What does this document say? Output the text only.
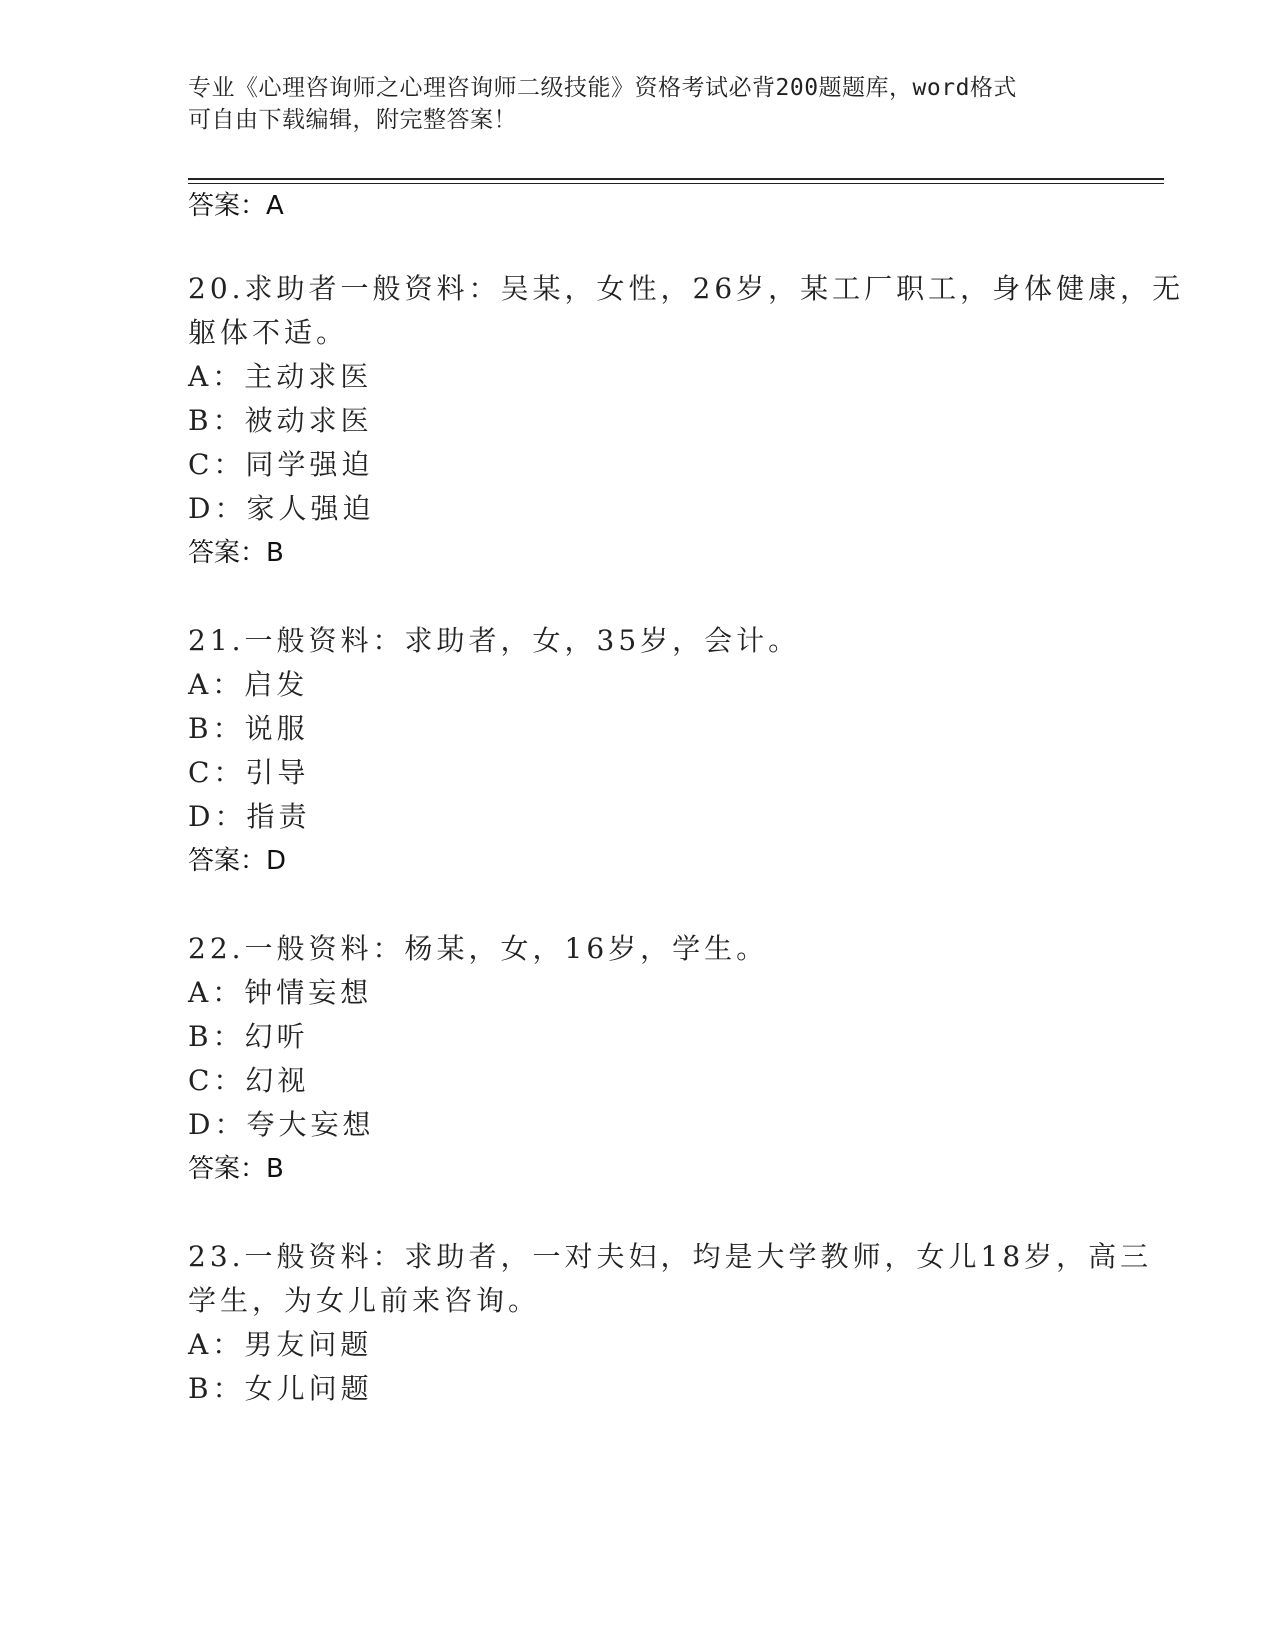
专业《心理咨询师之心理咨询师二级技能》资格考试必背200题题库，word格式
可自由下载编辑，附完整答案！
答案：A
20.求助者一般资料：吴某，女性，26岁，某工厂职工，身体健康，无
躯体不适。
A：主动求医
B：被动求医
C：同学强迫
D：家人强迫
答案：B
21.一般资料：求助者，女，35岁，会计。
A：启发
B：说服
C：引导
D：指责
答案：D
22.一般资料：杨某，女，16岁，学生。
A：钟情妄想
B：幻听
C：幻视
D：夸大妄想
答案：B
23.一般资料：求助者，一对夫妇，均是大学教师，女儿18岁，高三
学生，为女儿前来咨询。
A：男友问题
B：女儿问题
